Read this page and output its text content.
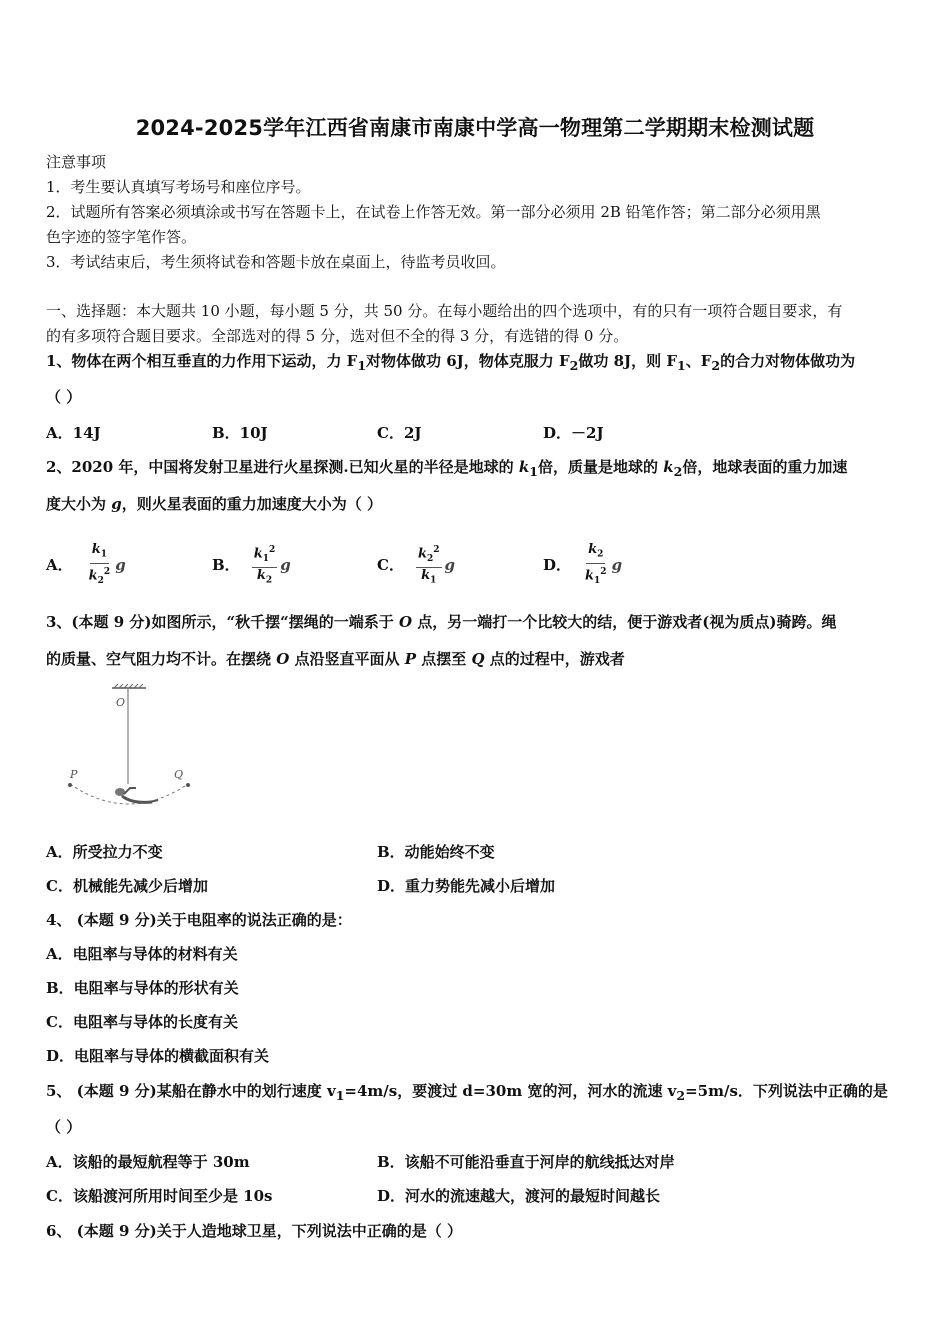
2024-2025学年江西省南康市南康中学高一物理第二学期期末检测试题
注意事项
1．考生要认真填写考场号和座位序号。
2．试题所有答案必须填涂或书写在答题卡上，在试卷上作答无效。第一部分必须用 2B 铅笔作答；第二部分必须用黑
色字迹的签字笔作答。
3．考试结束后，考生须将试卷和答题卡放在桌面上，待监考员收回。
一、选择题：本大题共 10 小题，每小题 5 分，共 50 分。在每小题给出的四个选项中，有的只有一项符合题目要求，有
的有多项符合题目要求。全部选对的得 5 分，选对但不全的得 3 分，有选错的得 0 分。
1、物体在两个相互垂直的力作用下运动，力 $F_1$对物体做功 6J，物体克服力 $F_2$做功 8J，则 $F_1$、$F_2$的合力对物体做功为
（ ）
A．14J	B．10J	C．2J	D．－2J
2、2020 年，中国将发射卫星进行火星探测.已知火星的半径是地球的 $k_1$倍，质量是地球的 $k_2$倍，地球表面的重力加速
度大小为 g，则火星表面的重力加速度大小为（ ）
A． $\frac{k_1}{k_2^2}$ g	B． $\frac{k_1^2}{k_2}$ g	C． $\frac{k_2^2}{k_1}$ g	D． $\frac{k_2}{k_1^2}$ g
3、(本题 9 分)如图所示，“秋千摆“摆绳的一端系于 O 点，另一端打一个比较大的结，便于游戏者(视为质点)骑跨。绳
的质量、空气阻力均不计。在摆绕 O 点沿竖直平面从 P 点摆至 Q 点的过程中，游戏者
O
P	Q
A．所受拉力不变	B．动能始终不变
C．机械能先减少后增加	D．重力势能先减小后增加
4、 (本题 9 分)关于电阻率的说法正确的是：
A．电阻率与导体的材料有关
B．电阻率与导体的形状有关
C．电阻率与导体的长度有关
D．电阻率与导体的横截面积有关
5、 (本题 9 分)某船在静水中的划行速度 $v_1=4m/s$，要渡过 d=30m 宽的河，河水的流速 $v_2=5m/s$．下列说法中正确的是
（ ）
A．该船的最短航程等于 30m	B．该船不可能沿垂直于河岸的航线抵达对岸
C．该船渡河所用时间至少是 10s	D．河水的流速越大，渡河的最短时间越长
6、 (本题 9 分)关于人造地球卫星，下列说法中正确的是（ ）
